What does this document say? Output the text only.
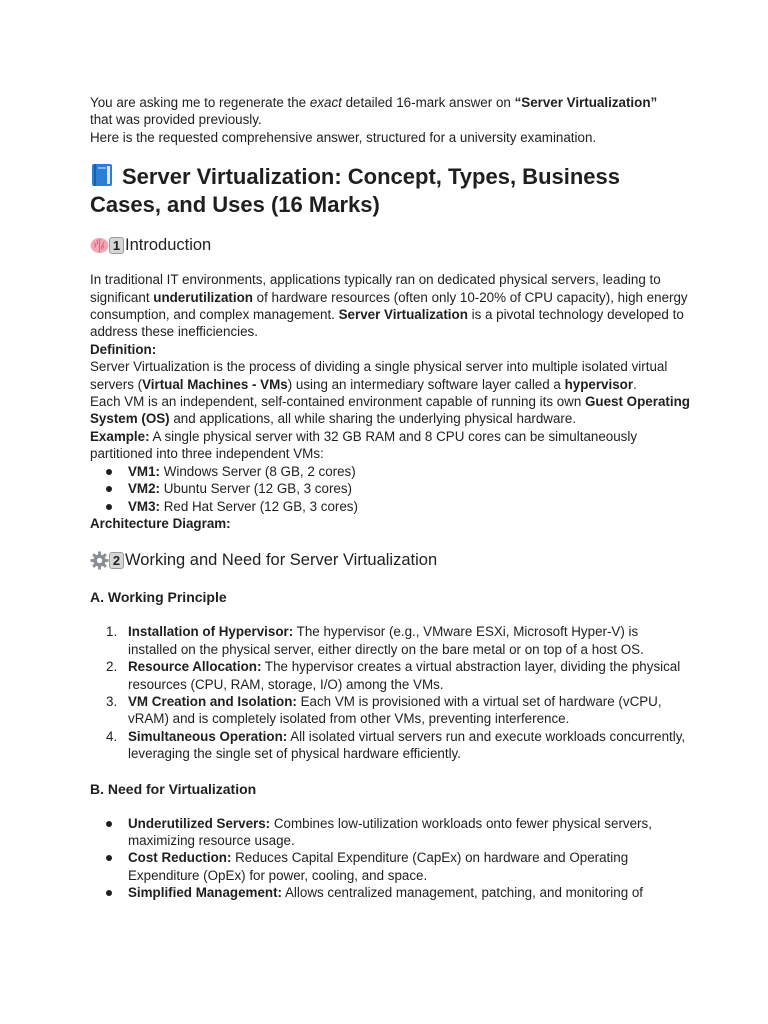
You are asking me to regenerate the exact detailed 16-mark answer on “Server Virtualization”

that was provided previously.

Here is the requested comprehensive answer, structured for a university examination.

Server Virtualization: Concept, Types, Business Cases, and Uses (16 Marks)
1 Introduction

In traditional IT environments, applications typically ran on dedicated physical servers, leading to significant underutilization of hardware resources (often only 10-20% of CPU capacity), high energy consumption, and complex management. Server Virtualization is a pivotal technology developed to address these inefficiencies.

Definition:

Server Virtualization is the process of dividing a single physical server into multiple isolated virtual servers (Virtual Machines - VMs) using an intermediary software layer called a hypervisor.

Each VM is an independent, self-contained environment capable of running its own Guest Operating System (OS) and applications, all while sharing the underlying physical hardware.

Example: A single physical server with 32 GB RAM and 8 CPU cores can be simultaneously partitioned into three independent VMs:

VM1: Windows Server (8 GB, 2 cores)
VM2: Ubuntu Server (12 GB, 3 cores)
VM3: Red Hat Server (12 GB, 3 cores)

Architecture Diagram:

2 Working and Need for Server Virtualization
A. Working Principle
1. Installation of Hypervisor: The hypervisor (e.g., VMware ESXi, Microsoft Hyper-V) is installed on the physical server, either directly on the bare metal or on top of a host OS.
2. Resource Allocation: The hypervisor creates a virtual abstraction layer, dividing the physical resources (CPU, RAM, storage, I/O) among the VMs.
3. VM Creation and Isolation: Each VM is provisioned with a virtual set of hardware (vCPU, vRAM) and is completely isolated from other VMs, preventing interference.
4. Simultaneous Operation: All isolated virtual servers run and execute workloads concurrently, leveraging the single set of physical hardware efficiently.
B. Need for Virtualization
Underutilized Servers: Combines low-utilization workloads onto fewer physical servers, maximizing resource usage.
Cost Reduction: Reduces Capital Expenditure (CapEx) on hardware and Operating Expenditure (OpEx) for power, cooling, and space.
Simplified Management: Allows centralized management, patching, and monitoring of
